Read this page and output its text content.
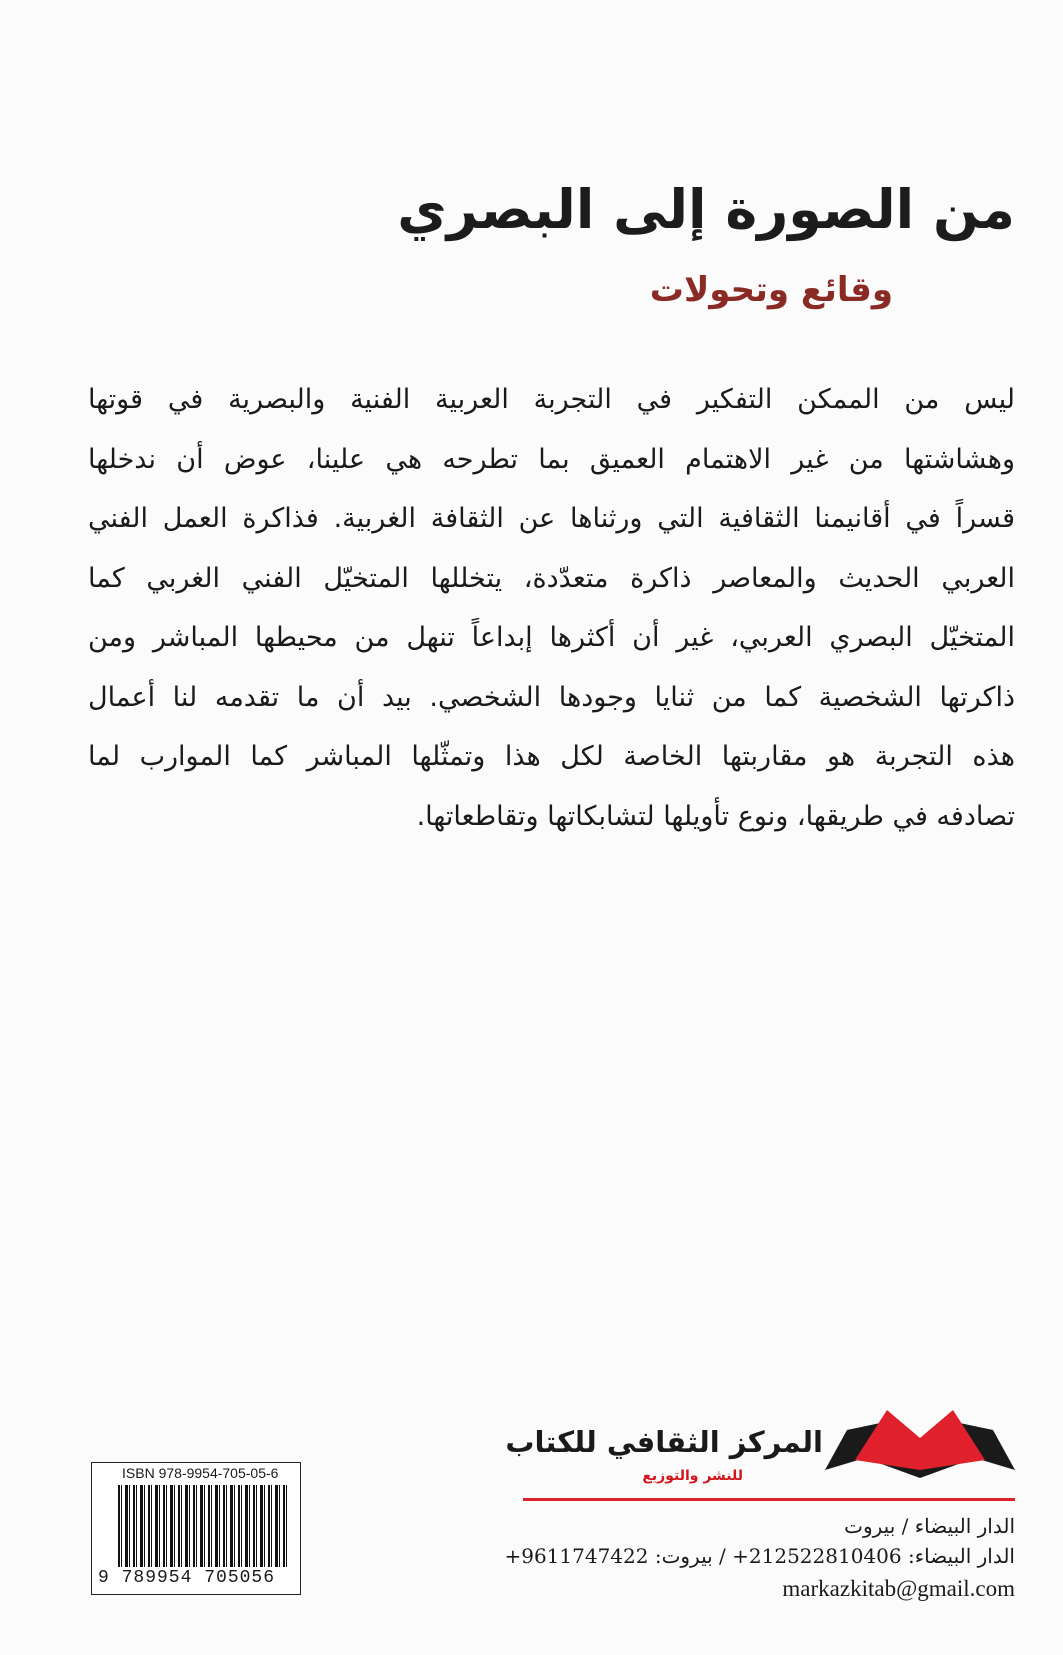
من الصورة إلى البصري
وقائع وتحولات
ليس من الممكن التفكير في التجربة العربية الفنية والبصرية في قوتها
وهشاشتها من غير الاهتمام العميق بما تطرحه هي علينا، عوض أن ندخلها
قسراً في أقانيمنا الثقافية التي ورثناها عن الثقافة الغربية. فذاكرة العمل الفني
العربي الحديث والمعاصر ذاكرة متعدّدة، يتخللها المتخيّل الفني الغربي كما
المتخيّل البصري العربي، غير أن أكثرها إبداعاً تنهل من محيطها المباشر ومن
ذاكرتها الشخصية كما من ثنايا وجودها الشخصي. بيد أن ما تقدمه لنا أعمال
هذه التجربة هو مقاربتها الخاصة لكل هذا وتمثّلها المباشر كما الموارب لما
تصادفه في طريقها، ونوع تأويلها لتشابكاتها وتقاطعاتها.
المركز الثقافي للكتاب
للنشر والتوزيع
الدار البيضاء / بيروت
الدار البيضاء: 212522810406+ / بيروت: 9611747422+
markazkitab@gmail.com
ISBN 978-9954-705-05-6
9 789954 705056
